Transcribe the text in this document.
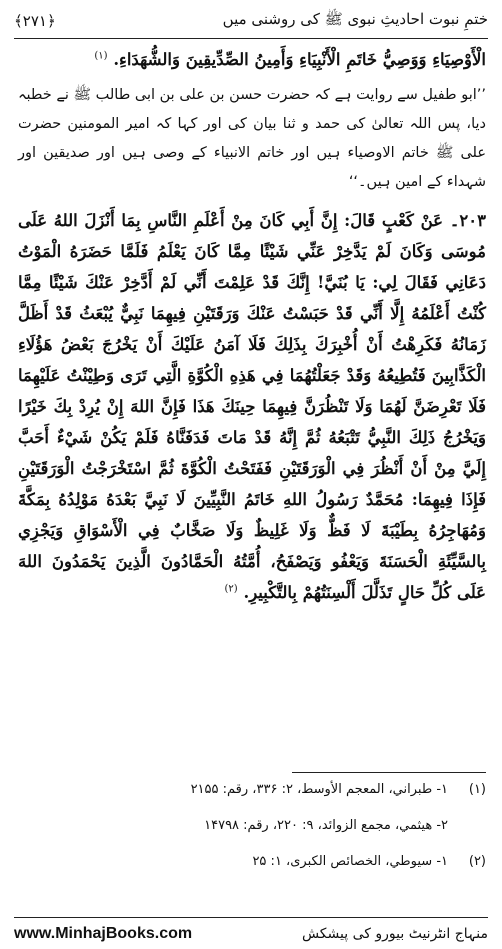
ختمِ نبوت احادیثِ نبوی ﷺ کی روشنی میں
﴿۲۷۱﴾

الْأَوْصِيَاءِ وَوَصِيُّ خَاتَمِ الْأَنْبِيَاءِ وَأَمِينُ الصِّدِّيقِينَ وَالشُّهَدَاءِ. $^{(۱)}$

’’ابو طفیل سے روایت ہے کہ حضرت حسن بن علی بن ابی طالب ﷺ نے خطبہ دیا، پس اللہ تعالیٰ کی حمد و ثنا بیان کی اور کہا کہ امیر المومنین حضرت علی ﷺ خاتم الاوصیاء ہیں اور خاتم الانبیاء کے وصی ہیں اور صدیقین اور شہداء کے امین ہیں۔‘‘

۲۰۳۔ عَنْ كَعْبٍ قَالَ: إِنَّ أَبِي كَانَ مِنْ أَعْلَمِ النَّاسِ بِمَا أَنْزَلَ اللهُ عَلَى مُوسَى وَكَانَ لَمْ يَدَّخِرْ عَنِّي شَيْئًا مِمَّا كَانَ يَعْلَمُ فَلَمَّا حَضَرَهُ الْمَوْتُ دَعَانِي فَقَالَ لِي: يَا بُنَيَّ! إِنَّكَ قَدْ عَلِمْتَ أَنِّي لَمْ أَدَّخِرْ عَنْكَ شَيْئًا مِمَّا كُنْتُ أَعْلَمُهُ إِلَّا أَنِّي قَدْ حَبَسْتُ عَنْكَ وَرَقَتَيْنِ فِيهِمَا نَبِيٌّ يُبْعَثُ قَدْ أَظَلَّ زَمَانُهُ فَكَرِهْتُ أَنْ أُخْبِرَكَ بِذَلِكَ فَلَا آمَنُ عَلَيْكَ أَنْ يَخْرُجَ بَعْضُ هَؤُلَاءِ الْكَذَّابِينَ فَتُطِيعُهُ وَقَدْ جَعَلْتُهُمَا فِي هَذِهِ الْكُوَّةِ الَّتِي تَرَى وَطِيْنْتُ عَلَيْهِمَا فَلَا تَعْرِضَنَّ لَهُمَا وَلَا تَنْظُرَنَّ فِيهِمَا حِينَكَ هَذَا فَإِنَّ اللهَ إِنْ يُرِدْ بِكَ خَيْرًا وَيَخْرُجُ ذَلِكَ النَّبِيُّ تَتْبَعُهُ ثُمَّ إِنَّهُ قَدْ مَاتَ فَدَفَنَّاهُ فَلَمْ يَكُنْ شَيْءٌ أَحَبَّ إِلَيَّ مِنْ أَنْ أَنْظُرَ فِي الْوَرَقَتَيْنِ فَفَتَحْتُ الْكُوَّةَ ثُمَّ اسْتَخْرَجْتُ الْوَرَقَتَيْنِ فَإِذَا فِيهِمَا: مُحَمَّدٌ رَسُولُ اللهِ خَاتَمُ النَّبِيِّينَ لَا نَبِيَّ بَعْدَهُ مَوْلِدُهُ بِمَكَّةَ وَمُهَاجِرُهُ بِطَيْبَةَ لَا فَظٌّ وَلَا غَلِيظٌ وَلَا صَخَّابٌ فِي الْأَسْوَاقِ وَيَجْزِي بِالسَّيِّئَةِ الْحَسَنَةَ وَيَعْفُو وَيَصْفَحُ، أُمَّتُهُ الْحَمَّادُونَ الَّذِينَ يَحْمَدُونَ اللهَ عَلَى كُلِّ حَالٍ تَذَلَّلَ أَلْسِنَتُهُمْ بِالتَّكْبِيرِ. $^{(۲)}$

(۱)
۱- طبراني، المعجم الأوسط، ۲: ۳۳۶، رقم: ۲۱۵۵
۲- هيثمي، مجمع الزوائد، ۹: ۲۲۰، رقم: ۱۴۷۹۸
(۲)
۱- سيوطي، الخصائص الكبرى، ۱: ۲۵
www.MinhajBooks.com	منہاج انٹرنیٹ بیورو کی پیشکش
